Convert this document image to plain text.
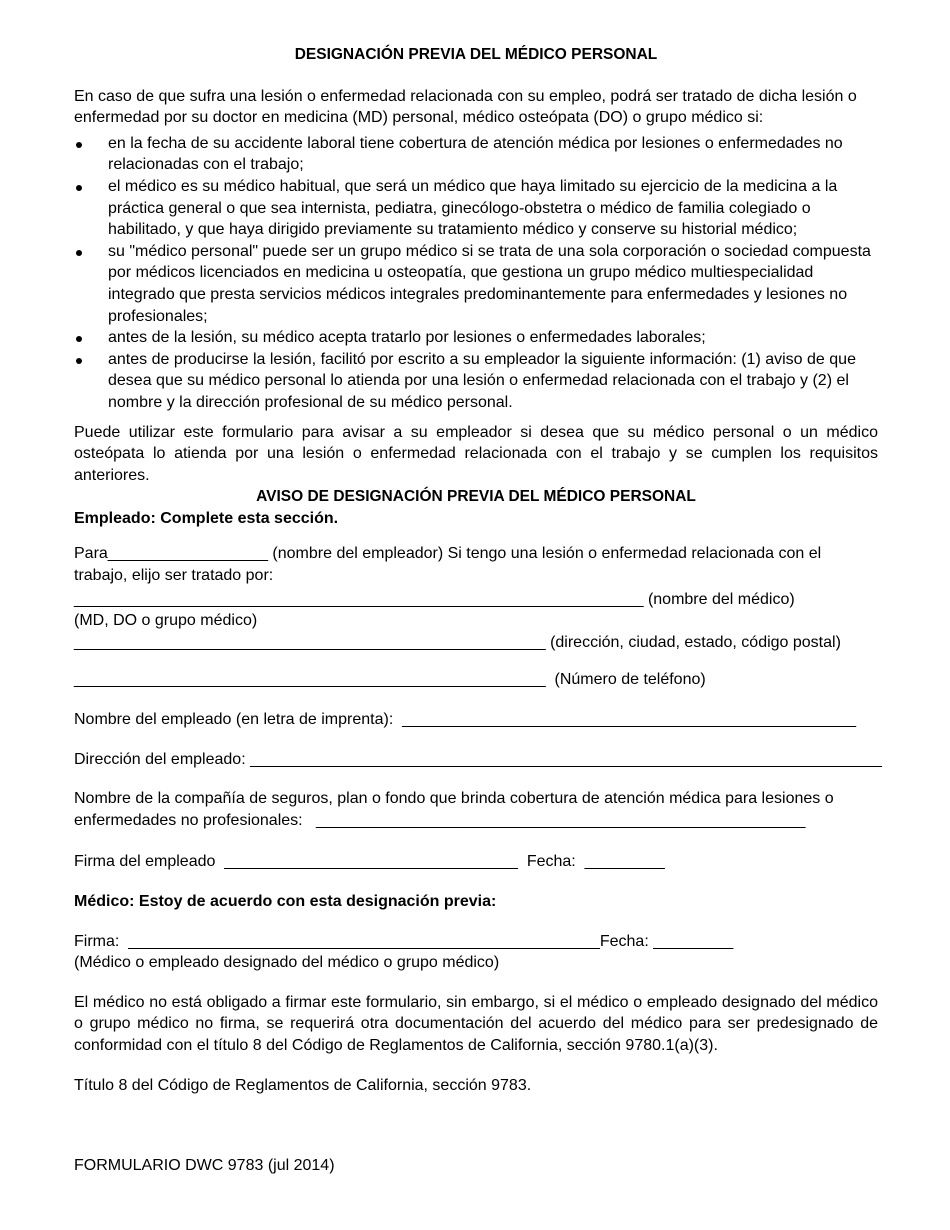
DESIGNACIÓN PREVIA DEL MÉDICO PERSONAL

En caso de que sufra una lesión o enfermedad relacionada con su empleo, podrá ser tratado de dicha lesión o enfermedad por su doctor en medicina (MD) personal, médico osteópata (DO) o grupo médico si:

en la fecha de su accidente laboral tiene cobertura de atención médica por lesiones o enfermedades no relacionadas con el trabajo;
el médico es su médico habitual, que será un médico que haya limitado su ejercicio de la medicina a la práctica general o que sea internista, pediatra, ginecólogo-obstetra o médico de familia colegiado o habilitado, y que haya dirigido previamente su tratamiento médico y conserve su historial médico;
su "médico personal" puede ser un grupo médico si se trata de una sola corporación o sociedad compuesta por médicos licenciados en medicina u osteopatía, que gestiona un grupo médico multiespecialidad integrado que presta servicios médicos integrales predominantemente para enfermedades y lesiones no profesionales;
antes de la lesión, su médico acepta tratarlo por lesiones o enfermedades laborales;
antes de producirse la lesión, facilitó por escrito a su empleador la siguiente información: (1) aviso de que desea que su médico personal lo atienda por una lesión o enfermedad relacionada con el trabajo y (2) el nombre y la dirección profesional de su médico personal.

Puede utilizar este formulario para avisar a su empleador si desea que su médico personal o un médico osteópata lo atienda por una lesión o enfermedad relacionada con el trabajo y se cumplen los requisitos anteriores.

AVISO DE DESIGNACIÓN PREVIA DEL MÉDICO PERSONAL

Empleado: Complete esta sección.

Para__________________ (nombre del empleador) Si tengo una lesión o enfermedad relacionada con el trabajo, elijo ser tratado por:

________________________________________________________________ (nombre del médico)

(MD, DO o grupo médico)

_____________________________________________________ (dirección, ciudad, estado, código postal)

_____________________________________________________  (Número de teléfono)

Nombre del empleado (en letra de imprenta):  ___________________________________________________

Dirección del empleado: _______________________________________________________________________

Nombre de la compañía de seguros, plan o fondo que brinda cobertura de atención médica para lesiones o enfermedades no profesionales:   _______________________________________________________

Firma del empleado  _________________________________  Fecha:  _________

Médico: Estoy de acuerdo con esta designación previa:

Firma:  _____________________________________________________Fecha: _________

(Médico o empleado designado del médico o grupo médico)

El médico no está obligado a firmar este formulario, sin embargo, si el médico o empleado designado del médico o grupo médico no firma, se requerirá otra documentación del acuerdo del médico para ser predesignado de conformidad con el título 8 del Código de Reglamentos de California, sección 9780.1(a)(3).

Título 8 del Código de Reglamentos de California, sección 9783.

FORMULARIO DWC 9783 (jul 2014)
